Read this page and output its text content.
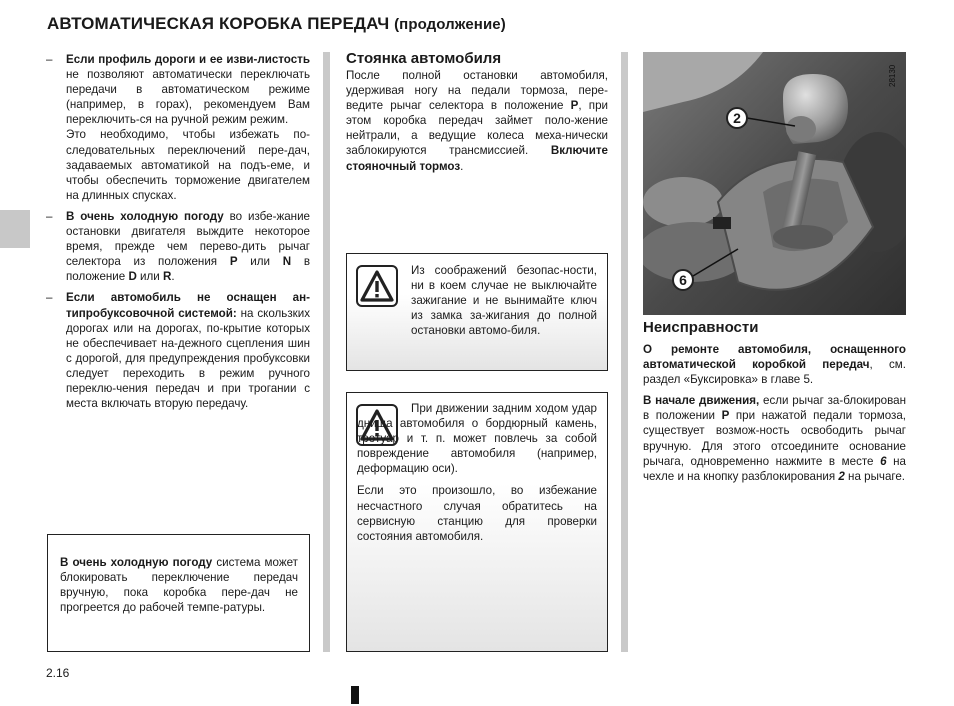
АВТОМАТИЧЕСКАЯ КОРОБКА ПЕРЕДАЧ (продолжение)
– Если профиль дороги и ее изви-листость не позволяют автоматически переключать передачи в автоматическом режиме (например, в горах), рекомендуем Вам переключить-ся на ручной режим режим.

Это необходимо, чтобы избежать по-следовательных переключений пере-дач, задаваемых автоматикой на подъ-еме, и чтобы обеспечить торможение двигателем на длинных спусках.

– В очень холодную погоду во избе-жание остановки двигателя выждите некоторое время, прежде чем перево-дить рычаг селектора из положения P или N в положение D или R.

– Если автомобиль не оснащен ан-типробуксовочной системой: на скользких дорогах или на дорогах, по-крытие которых не обеспечивает на-дежного сцепления шин с дорогой, для предупреждения пробуксовки следует переходить в режим ручного переклю-чения передач и при трогании с места включать вторую передачу.

В очень холодную погоду система может блокировать переключение передач вручную, пока коробка пере-дач не прогреется до рабочей темпе-ратуры.
Стоянка автомобиля
После полной остановки автомобиля, удерживая ногу на педали тормоза, пере-ведите рычаг селектора в положение P, при этом коробка передач займет поло-жение нейтрали, а ведущие колеса меха-нически заблокируются трансмиссией. Включите стояночный тормоз.
Из соображений безопас-ности, ни в коем случае не выключайте зажигание и не вынимайте ключ из замка за-жигания до полной остановки автомо-биля.
При движении задним ходом удар днища автомобиля о бордюрный камень, тротуар и т. п. может повлечь за собой повреждение автомобиля (например, деформацию оси).
Если это произошло, во избежание несчастного случая обратитесь на сервисную станцию для проверки состояния автомобиля.
28130
2
6
Неисправности
О ремонте автомобиля, оснащенного автоматической коробкой передач, см. раздел «Буксировка» в главе 5.
В начале движения, если рычаг за-блокирован в положении P при нажатой педали тормоза, существует возмож-ность освободить рычаг вручную. Для этого отсоедините основание рычага, одновременно нажмите в месте 6 на чехле и на кнопку разблокирования 2 на рычаге.
2.16
